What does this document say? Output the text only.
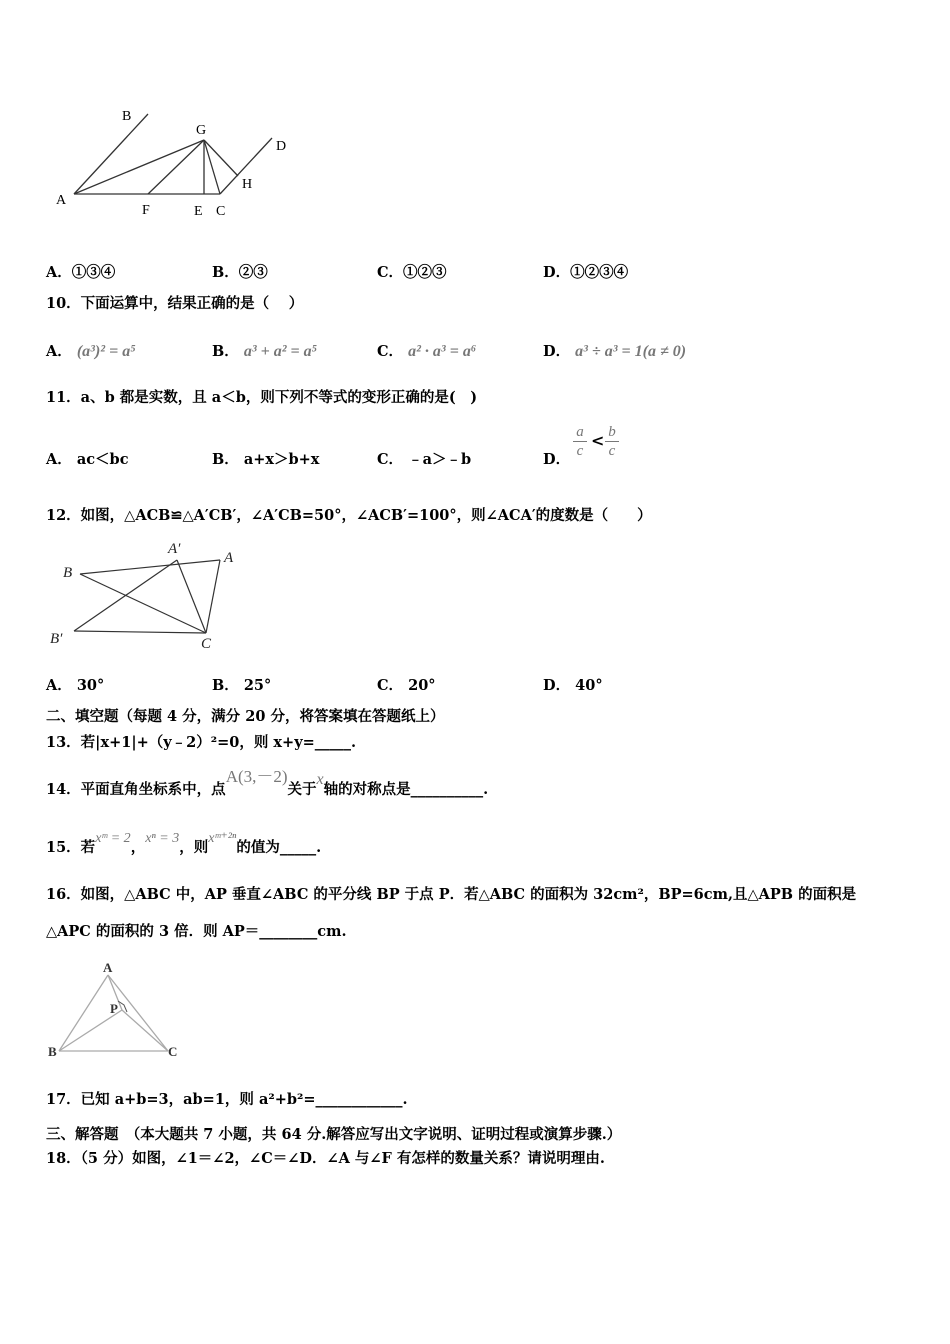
B
G
D
A
H
F	E C
A．①③④	B．②③	C．①②③	D．①②③④
10．下面运算中，结果正确的是（　 ）
A． (a³)² = a⁵	B． a³ + a² = a⁵	C． a² · a³ = a⁶	D． a³ ÷ a³ = 1(a ≠ 0)
11．a、b 都是实数，且 a＜b，则下列不等式的变形正确的是(　)
A． ac＜bc	B． a+x＞b+x	C． ﹣a＞﹣b	D．
a
c
< b
c
12．如图，△ACB≌△A′CB′，∠A′CB=50°，∠ACB′=100°，则∠ACA′的度数是（　　）
B
A′
A
B′	C
A． 30°	B． 25°	C． 20°	D． 40°
二、填空题（每题 4 分，满分 20 分，将答案填在答题纸上）
13．若|x+1|+（y﹣2）²=0，则 x+y=_____.
14．平面直角坐标系中，点A(3,－2)关于x轴的对称点是__________.
15．若xᵐ = 2，xⁿ = 3，则xᵐ⁺²ⁿ的值为_____.
16．如图，△ABC 中，AP 垂直∠ABC 的平分线 BP 于点 P．若△ABC 的面积为 32cm²，BP=6cm,且△APB 的面积是
△APC 的面积的 3 倍．则 AP＝________cm.
A
P
B	C
17．已知 a+b=3，ab=1，则 a²+b²=____________.
三、解答题　（本大题共 7 小题，共 64 分.解答应写出文字说明、证明过程或演算步骤.）
18．（5 分）如图，∠1＝∠2，∠C＝∠D．∠A 与∠F 有怎样的数量关系？请说明理由.
